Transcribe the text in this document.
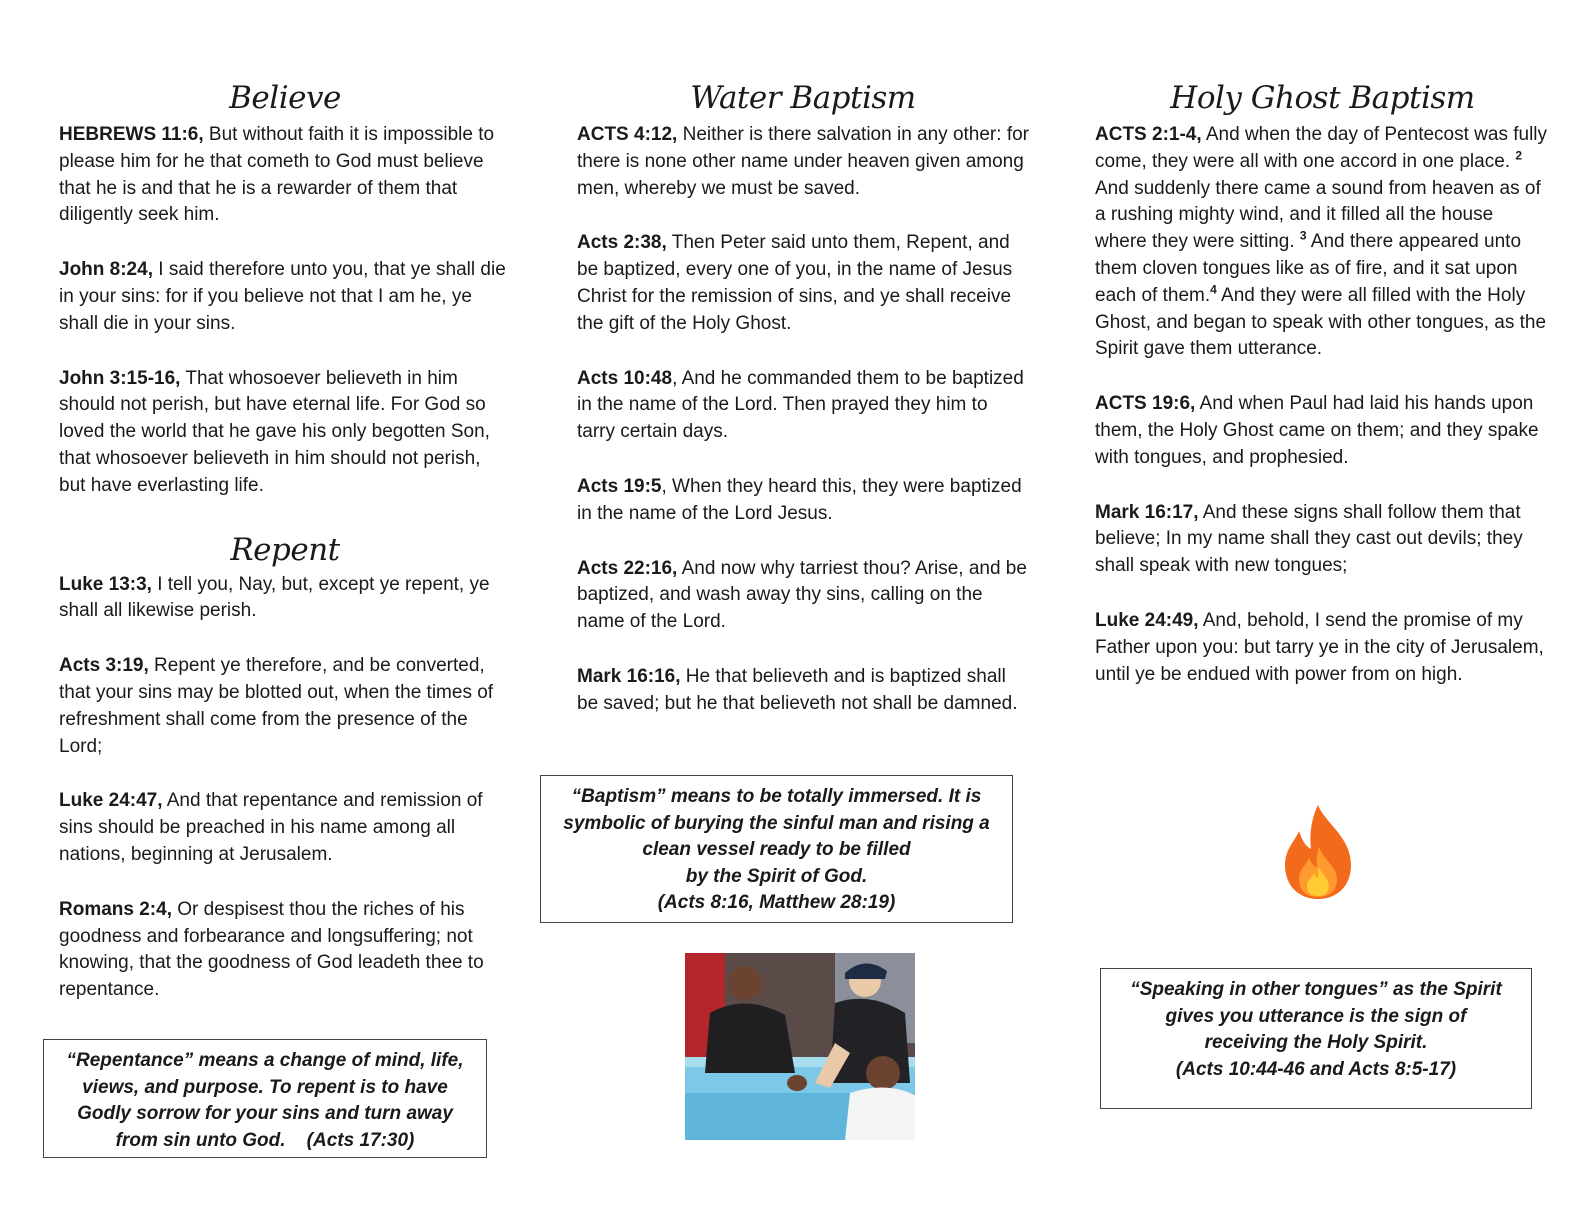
Believe

HEBREWS 11:6, But without faith it is impossible to please him for he that cometh to God must believe that he is and that he is a rewarder of them that diligently seek him.

John 8:24, I said therefore unto you, that ye shall die in your sins: for if you believe not that I am he, ye shall die in your sins.

John 3:15-16, That whosoever believeth in him should not perish, but have eternal life. For God so loved the world that he gave his only begotten Son, that whosoever believeth in him should not perish, but have everlasting life.

Repent

Luke 13:3, I tell you, Nay, but, except ye repent, ye shall all likewise perish.

Acts 3:19, Repent ye therefore, and be converted, that your sins may be blotted out, when the times of refreshment shall come from the presence of the Lord;

Luke 24:47, And that repentance and remission of sins should be preached in his name among all nations, beginning at Jerusalem.

Romans 2:4, Or despisest thou the riches of his goodness and forbearance and longsuffering; not knowing, that the goodness of God leadeth thee to repentance.

“Repentance” means a change of mind, life,
views, and purpose. To repent is to have
Godly sorrow for your sins and turn away
from sin unto God.    (Acts 17:30)
Water Baptism

ACTS 4:12, Neither is there salvation in any other: for there is none other name under heaven given among men, whereby we must be saved.

Acts 2:38, Then Peter said unto them, Repent, and be baptized, every one of you, in the name of Jesus Christ for the remission of sins, and ye shall receive the gift of the Holy Ghost.

Acts 10:48, And he commanded them to be baptized in the name of the Lord. Then prayed they him to tarry certain days.

Acts 19:5, When they heard this, they were baptized in the name of the Lord Jesus.

Acts 22:16, And now why tarriest thou? Arise, and be baptized, and wash away thy sins, calling on the name of the Lord.

Mark 16:16, He that believeth and is baptized shall be saved; but he that believeth not shall be damned.

“Baptism” means to be totally immersed. It is
symbolic of burying the sinful man and rising a
clean vessel ready to be filled
by the Spirit of God.
(Acts 8:16, Matthew 28:19)
Holy Ghost Baptism

ACTS 2:1-4, And when the day of Pentecost was fully come, they were all with one accord in one place. $^2$ And suddenly there came a sound from heaven as of a rushing mighty wind, and it filled all the house where they were sitting. $^3$ And there appeared unto them cloven tongues like as of fire, and it sat upon each of them.$^4$ And they were all filled with the Holy Ghost, and began to speak with other tongues, as the Spirit gave them utterance.

ACTS 19:6, And when Paul had laid his hands upon them, the Holy Ghost came on them; and they spake with tongues, and prophesied.

Mark 16:17, And these signs shall follow them that believe; In my name shall they cast out devils; they shall speak with new tongues;

Luke 24:49, And, behold, I send the promise of my Father upon you: but tarry ye in the city of Jerusalem, until ye be endued with power from on high.

“Speaking in other tongues” as the Spirit
gives you utterance is the sign of
receiving the Holy Spirit.
(Acts 10:44-46 and Acts 8:5-17)
